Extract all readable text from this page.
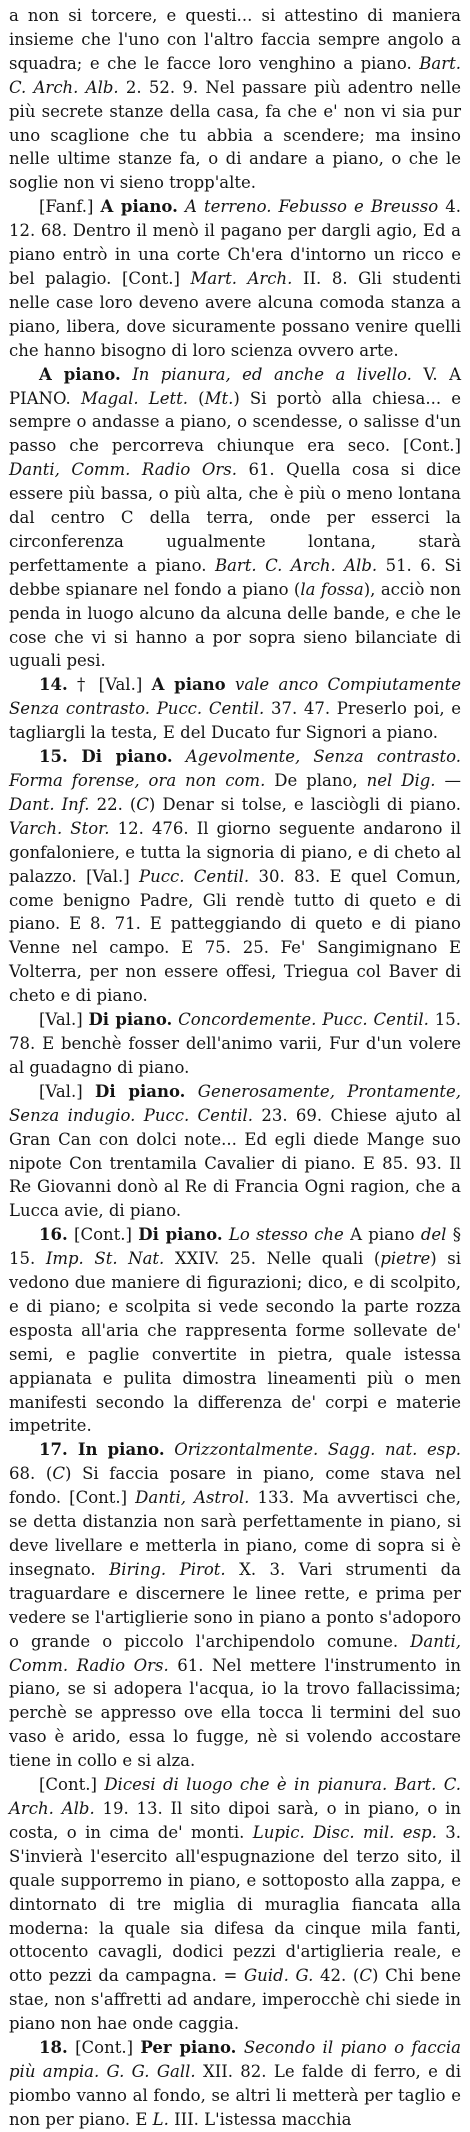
a non si torcere, e questi... si attestino di maniera insieme che l'uno con l'altro faccia sempre angolo a squadra; e che le facce loro venghino a piano. Bart. C. Arch. Alb. 2. 52. 9. Nel passare più adentro nelle più secrete stanze della casa, fa che e' non vi sia pur uno scaglione che tu abbia a scendere; ma insino nelle ultime stanze fa, o di andare a piano, o che le soglie non vi sieno tropp'alte.

[Fanf.] A piano. A terreno. Febusso e Breusso 4. 12. 68. Dentro il menò il pagano per dargli agio, Ed a piano entrò in una corte Ch'era d'intorno un ricco e bel palagio. [Cont.] Mart. Arch. II. 8. Gli studenti nelle case loro deveno avere alcuna comoda stanza a piano, libera, dove sicuramente possano venire quelli che hanno bisogno di loro scienza ovvero arte.

A piano. In pianura, ed anche a livello. V. A PIANO. Magal. Lett. (Mt.) Si portò alla chiesa... e sempre o andasse a piano, o scendesse, o salisse d'un passo che percorreva chiunque era seco. [Cont.] Danti, Comm. Radio Ors. 61. Quella cosa si dice essere più bassa, o più alta, che è più o meno lontana dal centro C della terra, onde per esserci la circonferenza ugualmente lontana, starà perfettamente a piano. Bart. C. Arch. Alb. 51. 6. Si debbe spianare nel fondo a piano (la fossa), acciò non penda in luogo alcuno da alcuna delle bande, e che le cose che vi si hanno a por sopra sieno bilanciate di uguali pesi.

14. † [Val.] A piano vale anco Compiutamente Senza contrasto. Pucc. Centil. 37. 47. Preserlo poi, e tagliargli la testa, E del Ducato fur Signori a piano.

15. Di piano. Agevolmente, Senza contrasto. Forma forense, ora non com. De plano, nel Dig. — Dant. Inf. 22. (C) Denar si tolse, e lasciògli di piano. Varch. Stor. 12. 476. Il giorno seguente andarono il gonfaloniere, e tutta la signoria di piano, e di cheto al palazzo. [Val.] Pucc. Centil. 30. 83. E quel Comun, come benigno Padre, Gli rendè tutto di queto e di piano. E 8. 71. E patteggiando di queto e di piano Venne nel campo. E 75. 25. Fe' Sangimignano E Volterra, per non essere offesi, Triegua col Baver di cheto e di piano.

[Val.] Di piano. Concordemente. Pucc. Centil. 15. 78. E benchè fosser dell'animo varii, Fur d'un volere al guadagno di piano.

[Val.] Di piano. Generosamente, Prontamente, Senza indugio. Pucc. Centil. 23. 69. Chiese ajuto al Gran Can con dolci note... Ed egli diede Mange suo nipote Con trentamila Cavalier di piano. E 85. 93. Il Re Giovanni donò al Re di Francia Ogni ragion, che a Lucca avie, di piano.

16. [Cont.] Di piano. Lo stesso che A piano del § 15. Imp. St. Nat. XXIV. 25. Nelle quali (pietre) si vedono due maniere di figurazioni; dico, e di scolpito, e di piano; e scolpita si vede secondo la parte rozza esposta all'aria che rappresenta forme sollevate de' semi, e paglie convertite in pietra, quale istessa appianata e pulita dimostra lineamenti più o men manifesti secondo la differenza de' corpi e materie impetrite.

17. In piano. Orizzontalmente. Sagg. nat. esp. 68. (C) Si faccia posare in piano, come stava nel fondo. [Cont.] Danti, Astrol. 133. Ma avvertisci che, se detta distanzia non sarà perfettamente in piano, si deve livellare e metterla in piano, come di sopra si è insegnato. Biring. Pirot. X. 3. Vari strumenti da traguardare e discernere le linee rette, e prima per vedere se l'artiglierie sono in piano a ponto s'adoporo o grande o piccolo l'archipendolo comune. Danti, Comm. Radio Ors. 61. Nel mettere l'instrumento in piano, se si adopera l'acqua, io la trovo fallacissima; perchè se appresso ove ella tocca li termini del suo vaso è arido, essa lo fugge, nè si volendo accostare tiene in collo e si alza.

[Cont.] Dicesi di luogo che è in pianura. Bart. C. Arch. Alb. 19. 13. Il sito dipoi sarà, o in piano, o in costa, o in cima de' monti. Lupic. Disc. mil. esp. 3. S'invierà l'esercito all'espugnazione del terzo sito, il quale supporremo in piano, e sottoposto alla zappa, e dintornato di tre miglia di muraglia fiancata alla moderna: la quale sia difesa da cinque mila fanti, ottocento cavagli, dodici pezzi d'artiglieria reale, e otto pezzi da campagna. = Guid. G. 42. (C) Chi bene stae, non s'affretti ad andare, imperocchè chi siede in piano non hae onde caggia.

18. [Cont.] Per piano. Secondo il piano o faccia più ampia. G. G. Gall. XII. 82. Le falde di ferro, e di piombo vanno al fondo, se altri li metterà per taglio e non per piano. E L. III. L'istessa macchia
